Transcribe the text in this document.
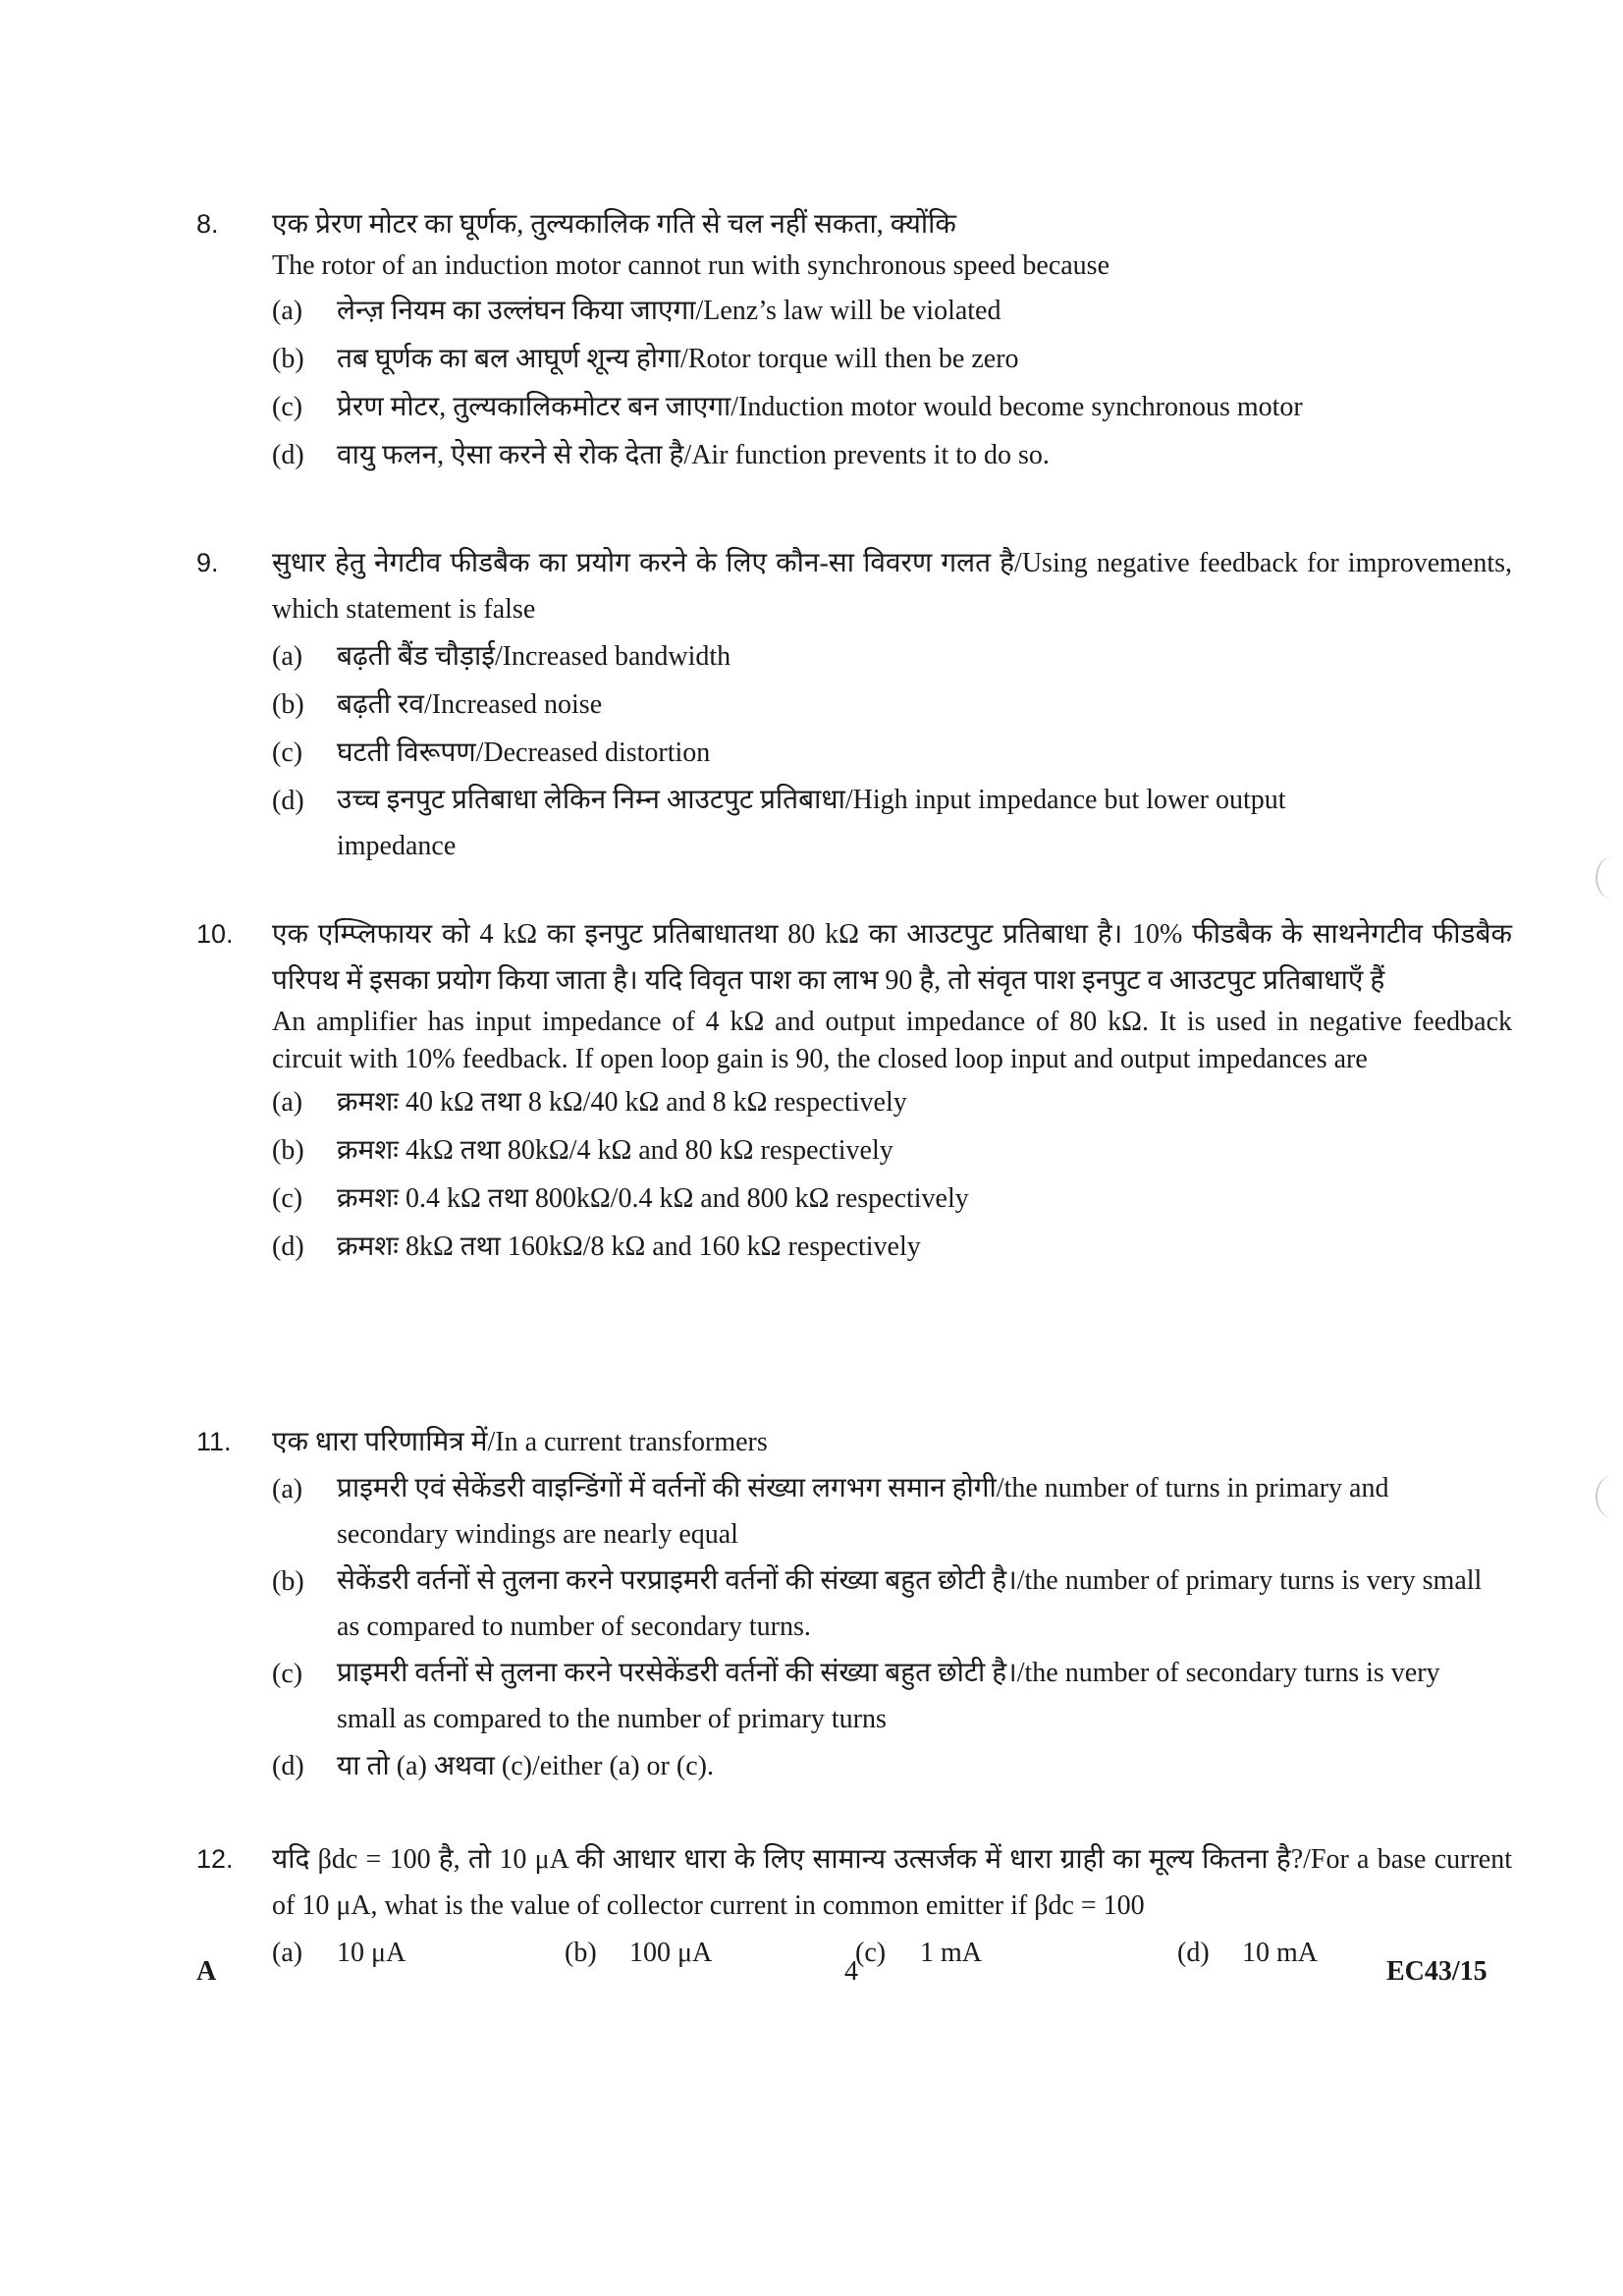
8. एक प्रेरण मोटर का घूर्णक, तुल्यकालिक गति से चल नहीं सकता, क्योंकि
The rotor of an induction motor cannot run with synchronous speed because
(a) लेन्ज़ नियम का उल्लंघन किया जाएगा/Lenz’s law will be violated
(b) तब घूर्णक का बल आघूर्ण शून्य होगा/Rotor torque will then be zero
(c) प्रेरण मोटर, तुल्यकालिकमोटर बन जाएगा/Induction motor would become synchronous motor
(d) वायु फलन, ऐसा करने से रोक देता है/Air function prevents it to do so.
9. सुधार हेतु नेगटीव फीडबैक का प्रयोग करने के लिए कौन-सा विवरण गलत है/Using negative feedback for improvements, which statement is false
(a) बढ़ती बैंड चौड़ाई/Increased bandwidth
(b) बढ़ती रव/Increased noise
(c) घटती विरूपण/Decreased distortion
(d) उच्च इनपुट प्रतिबाधा लेकिन निम्न आउटपुट प्रतिबाधा/High input impedance but lower output impedance
10. एक एम्प्लिफायर को 4 kΩ का इनपुट प्रतिबाधातथा 80 kΩ का आउटपुट प्रतिबाधा है। 10% फीडबैक के साथनेगटीव फीडबैक परिपथ में इसका प्रयोग किया जाता है। यदि विवृत पाश का लाभ 90 है, तो संवृत पाश इनपुट व आउटपुट प्रतिबाधाएँ हैं
An amplifier has input impedance of 4 kΩ and output impedance of 80 kΩ. It is used in negative feedback circuit with 10% feedback. If open loop gain is 90, the closed loop input and output impedances are
(a) क्रमशः 40 kΩ तथा 8 kΩ/40 kΩ and 8 kΩ respectively
(b) क्रमशः 4kΩ तथा 80kΩ/4 kΩ and 80 kΩ respectively
(c) क्रमशः 0.4 kΩ तथा 800kΩ/0.4 kΩ and 800 kΩ respectively
(d) क्रमशः 8kΩ तथा 160kΩ/8 kΩ and 160 kΩ respectively
11. एक धारा परिणामित्र में/In a current transformers
(a) प्राइमरी एवं सेकेंडरी वाइन्डिंगों में वर्तनों की संख्या लगभग समान होगी/the number of turns in primary and secondary windings are nearly equal
(b) सेकेंडरी वर्तनों से तुलना करने परप्राइमरी वर्तनों की संख्या बहुत छोटी है।/the number of primary turns is very small as compared to number of secondary turns.
(c) प्राइमरी वर्तनों से तुलना करने परसेकेंडरी वर्तनों की संख्या बहुत छोटी है।/the number of secondary turns is very small as compared to the number of primary turns
(d) या तो (a) अथवा (c)/either (a) or (c).
12. यदि βdc = 100 है, तो 10 μA की आधार धारा के लिए सामान्य उत्सर्जक में धारा ग्राही का मूल्य कितना है?/For a base current of 10 μA, what is the value of collector current in common emitter if βdc = 100
(a)	10 μA	(b)	100 μA	(c)	1 mA	(d)	10 mA
A	4	EC43/15
